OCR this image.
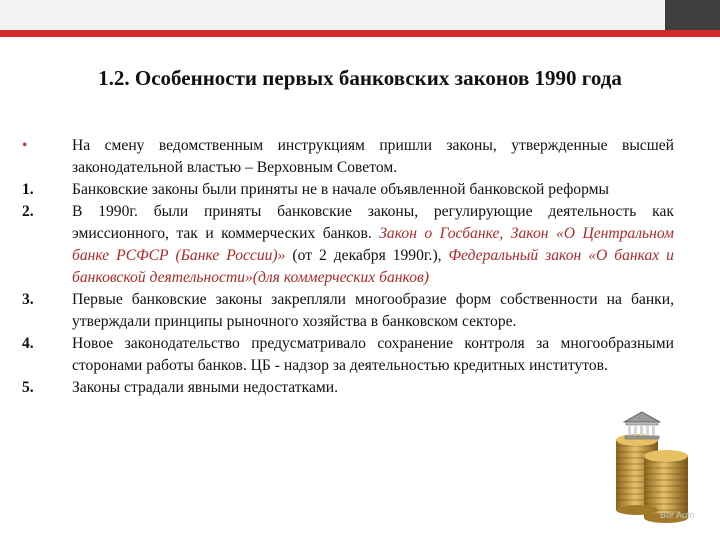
1.2. Особенности первых банковских законов 1990 года
•	На смену ведомственным инструкциям пришли законы, утвержденные высшей законодательной властью – Верховным Советом.
1.	Банковские законы были приняты не в начале объявленной банковской реформы
2.	В 1990г. были приняты банковские законы, регулирующие деятельность как эмиссионного, так и коммерческих банков. Закон о Госбанке, Закон «О Центральном банке РСФСР (Банке России)» (от 2 декабря 1990г.), Федеральный закон «О банках и банковской деятельности»(для коммерческих банков)
3.	Первые банковские законы закрепляли многообразие форм собственности на банки, утверждали принципы рыночного хозяйства в банковском секторе.
4.	Новое законодательство предусматривало сохранение контроля за многообразными сторонами работы банков. ЦБ - надзор за деятельностью кредитных институтов.
5.	Законы страдали явными недостатками.
Bor Auto
